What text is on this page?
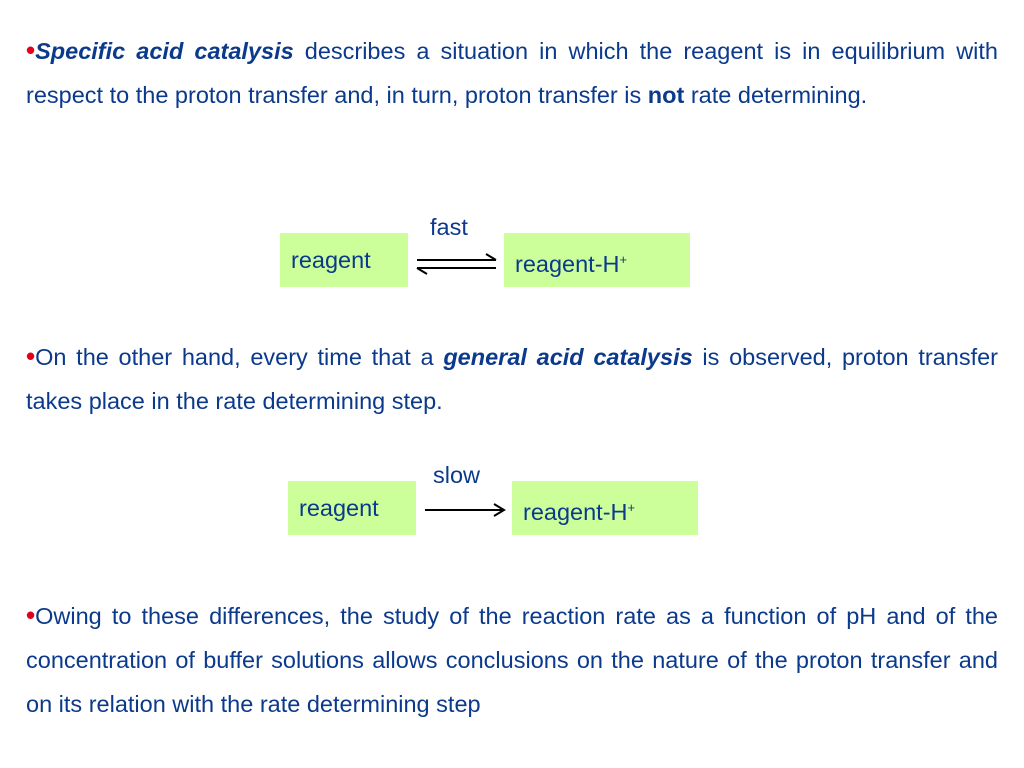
•Specific acid catalysis describes a situation in which the reagent is in equilibrium with respect to the proton transfer and, in turn, proton transfer is not rate determining.
fast
reagent	reagent-H+
•On the other hand, every time that a general acid catalysis is observed, proton transfer takes place in the rate determining step.
slow
reagent	reagent-H+
•Owing to these differences, the study of the reaction rate as a function of pH and of the concentration of buffer solutions allows conclusions on the nature of the proton transfer and on its relation with the rate determining step
